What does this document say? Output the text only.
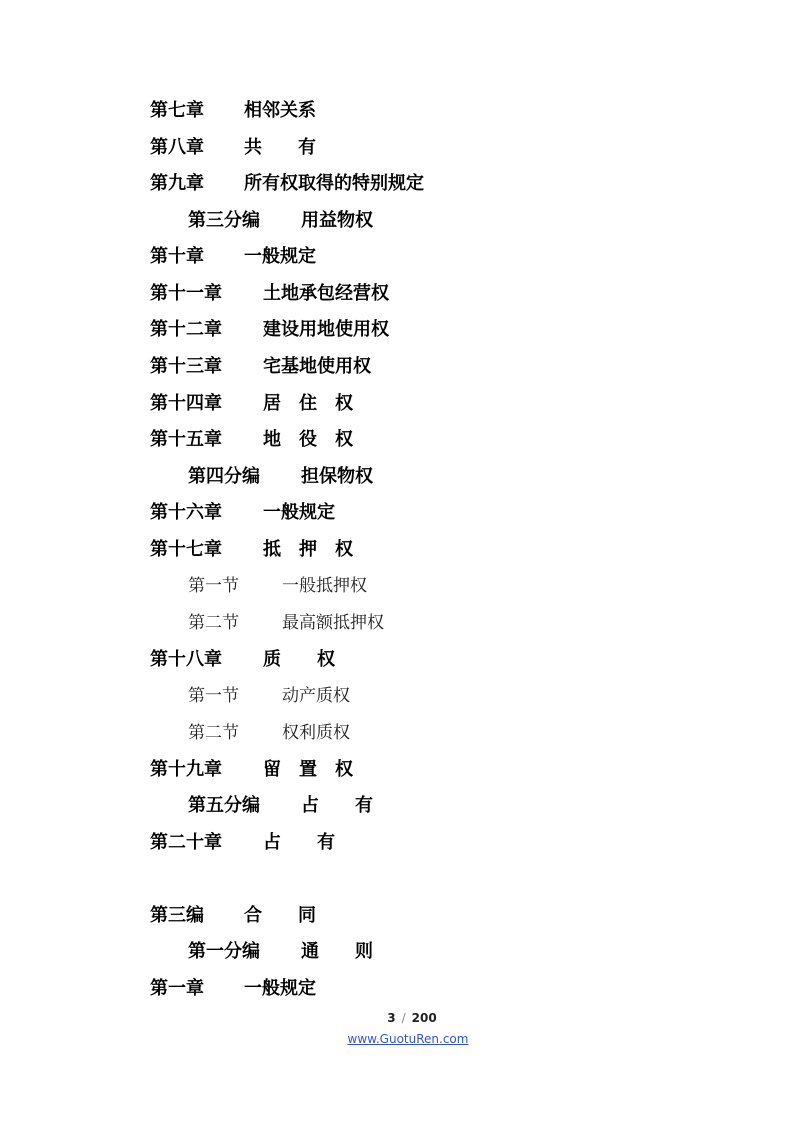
第七章 相邻关系
第八章 共　　有
第九章 所有权取得的特别规定
第三分编 用益物权
第十章 一般规定
第十一章 土地承包经营权
第十二章 建设用地使用权
第十三章 宅基地使用权
第十四章 居　住　权
第十五章 地　役　权
第四分编 担保物权
第十六章 一般规定
第十七章 抵　押　权
第一节	一般抵押权
第二节	最高额抵押权
第十八章 质　　权
第一节	动产质权
第二节	权利质权
第十九章 留　置　权
第五分编 占　　有
第二十章 占　　有
第三编 合　　同
第一分编 通　　则
第一章 一般规定
3 / 200
www.GuotuRen.com
